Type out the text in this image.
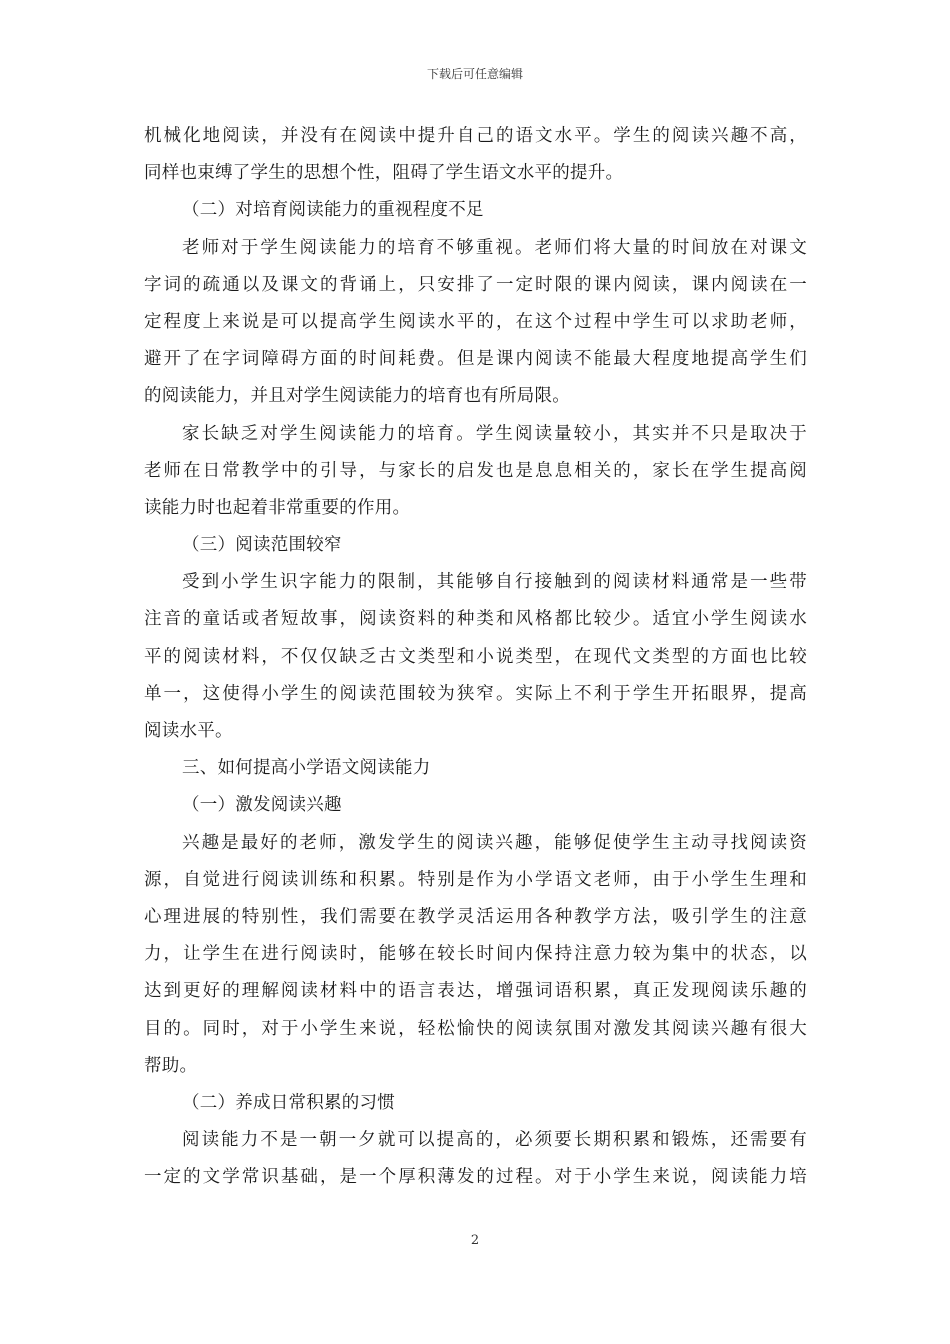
下载后可任意编辑
机械化地阅读，并没有在阅读中提升自己的语文水平。学生的阅读兴趣不高，
同样也束缚了学生的思想个性，阻碍了学生语文水平的提升。
（二）对培育阅读能力的重视程度不足
老师对于学生阅读能力的培育不够重视。老师们将大量的时间放在对课文
字词的疏通以及课文的背诵上，只安排了一定时限的课内阅读，课内阅读在一
定程度上来说是可以提高学生阅读水平的，在这个过程中学生可以求助老师，
避开了在字词障碍方面的时间耗费。但是课内阅读不能最大程度地提高学生们
的阅读能力，并且对学生阅读能力的培育也有所局限。
家长缺乏对学生阅读能力的培育。学生阅读量较小，其实并不只是取决于
老师在日常教学中的引导，与家长的启发也是息息相关的，家长在学生提高阅
读能力时也起着非常重要的作用。
（三）阅读范围较窄
受到小学生识字能力的限制，其能够自行接触到的阅读材料通常是一些带
注音的童话或者短故事，阅读资料的种类和风格都比较少。适宜小学生阅读水
平的阅读材料，不仅仅缺乏古文类型和小说类型，在现代文类型的方面也比较
单一，这使得小学生的阅读范围较为狭窄。实际上不利于学生开拓眼界，提高
阅读水平。
三、如何提高小学语文阅读能力
（一）激发阅读兴趣
兴趣是最好的老师，激发学生的阅读兴趣，能够促使学生主动寻找阅读资
源，自觉进行阅读训练和积累。特别是作为小学语文老师，由于小学生生理和
心理进展的特别性，我们需要在教学灵活运用各种教学方法，吸引学生的注意
力，让学生在进行阅读时，能够在较长时间内保持注意力较为集中的状态，以
达到更好的理解阅读材料中的语言表达，增强词语积累，真正发现阅读乐趣的
目的。同时，对于小学生来说，轻松愉快的阅读氛围对激发其阅读兴趣有很大
帮助。
（二）养成日常积累的习惯
阅读能力不是一朝一夕就可以提高的，必须要长期积累和锻炼，还需要有
一定的文学常识基础，是一个厚积薄发的过程。对于小学生来说，阅读能力培
2
